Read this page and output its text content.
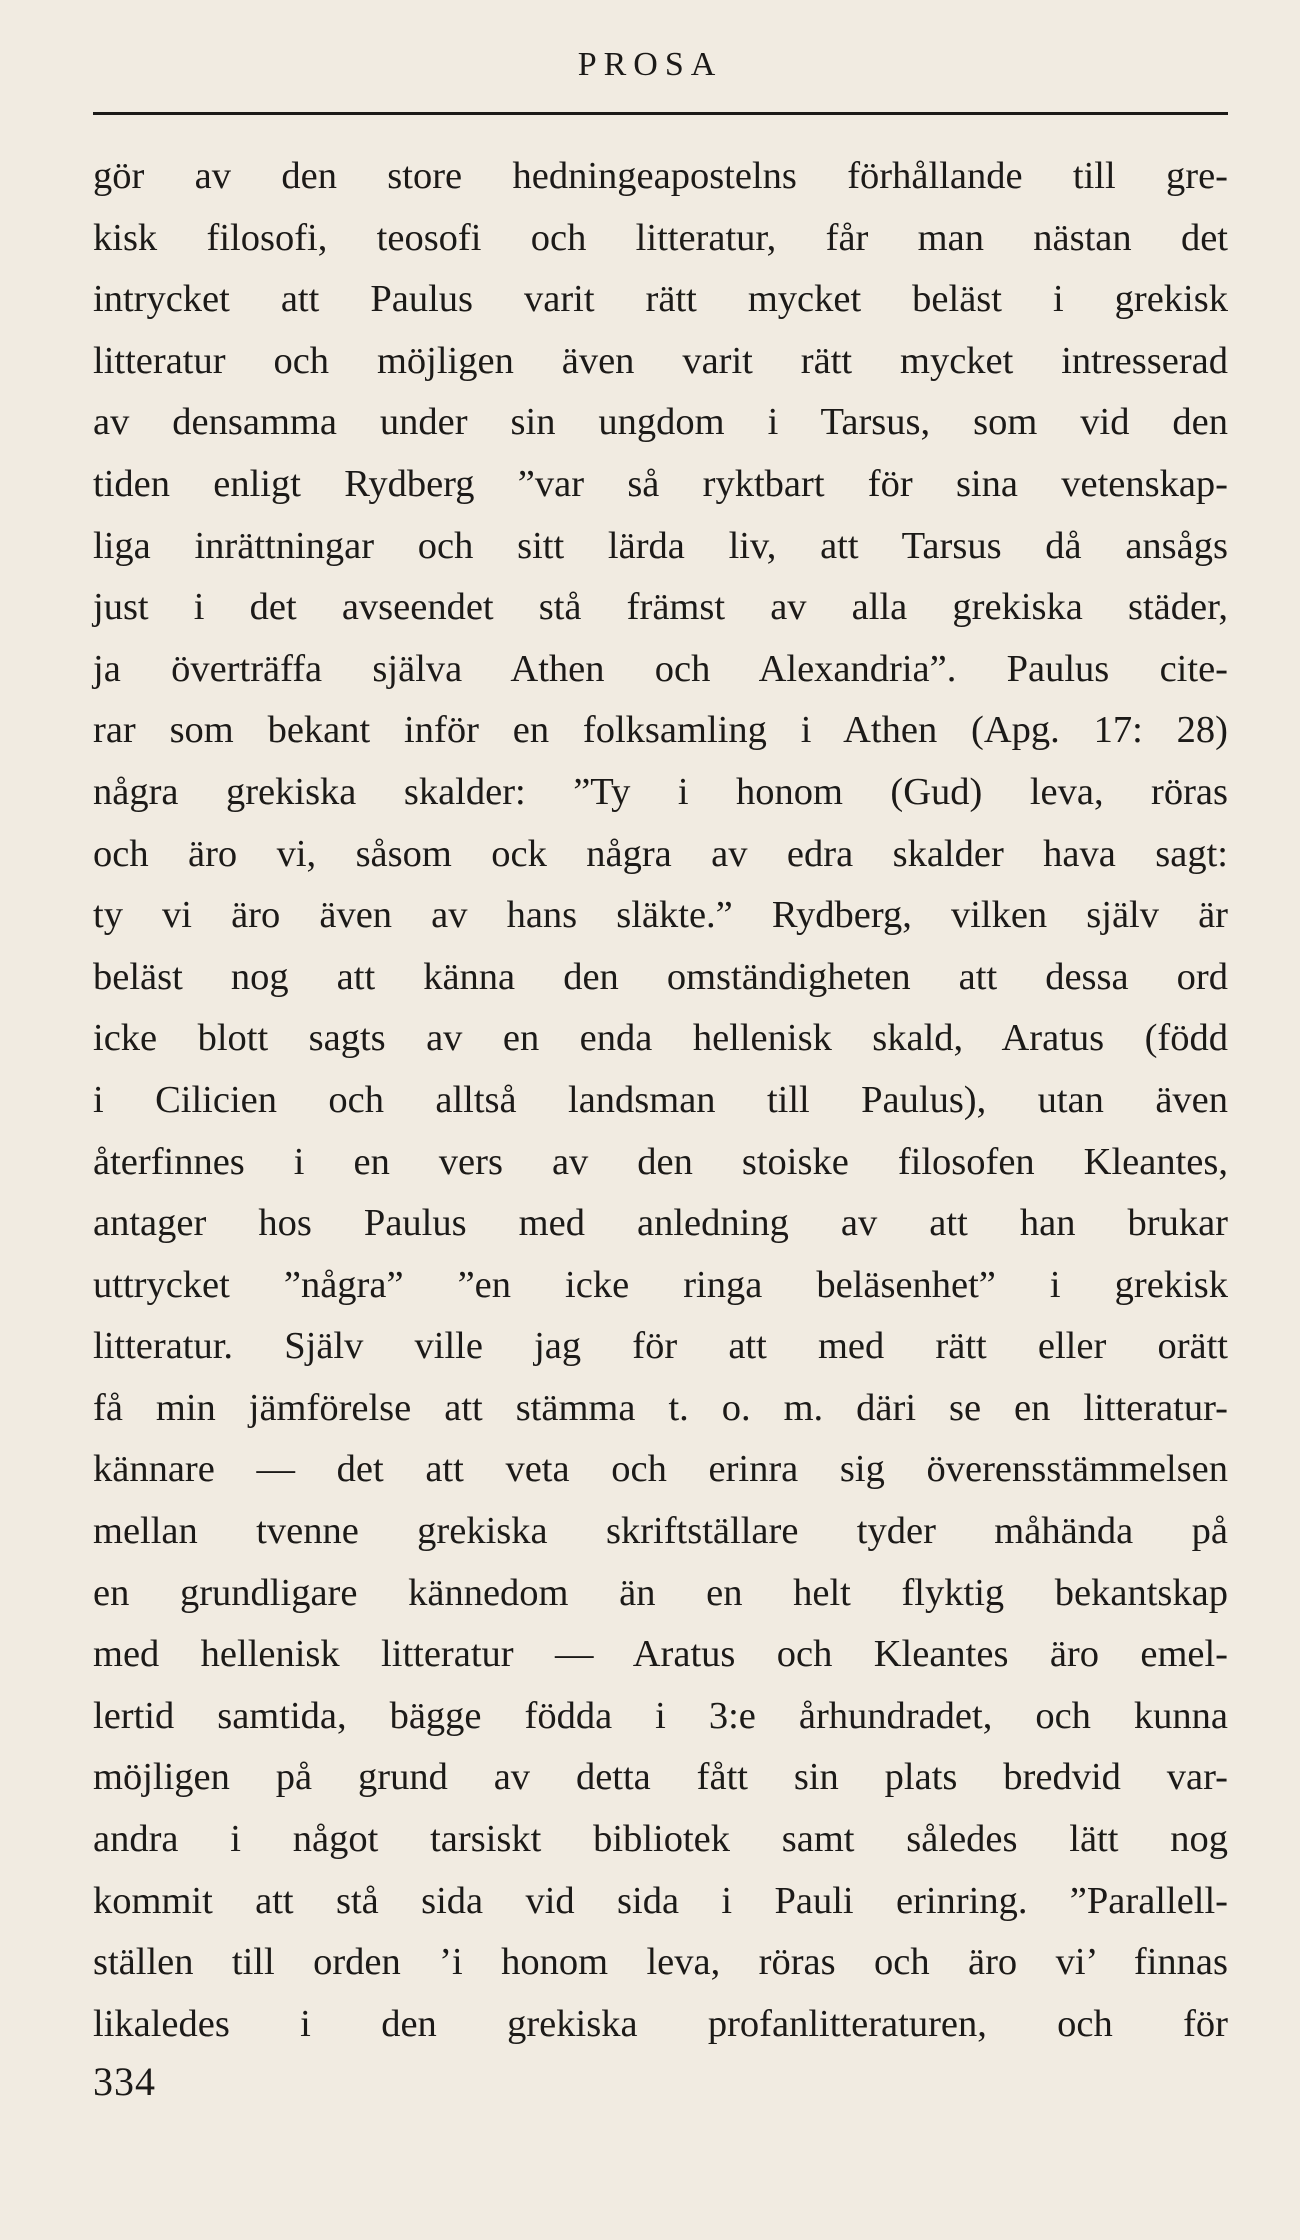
PROSA
gör av den store hedningeapostelns förhållande till gre-
kisk filosofi, teosofi och litteratur, får man nästan det
intrycket att Paulus varit rätt mycket beläst i grekisk
litteratur och möjligen även varit rätt mycket intresserad
av densamma under sin ungdom i Tarsus, som vid den
tiden enligt Rydberg ”var så ryktbart för sina vetenskap-
liga inrättningar och sitt lärda liv, att Tarsus då ansågs
just i det avseendet stå främst av alla grekiska städer,
ja överträffa själva Athen och Alexandria”. Paulus cite-
rar som bekant inför en folksamling i Athen (Apg. 17: 28)
några grekiska skalder: ”Ty i honom (Gud) leva, röras
och äro vi, såsom ock några av edra skalder hava sagt:
ty vi äro även av hans släkte.” Rydberg, vilken själv är
beläst nog att känna den omständigheten att dessa ord
icke blott sagts av en enda hellenisk skald, Aratus (född
i Cilicien och alltså landsman till Paulus), utan även
återfinnes i en vers av den stoiske filosofen Kleantes,
antager hos Paulus med anledning av att han brukar
uttrycket ”några” ”en icke ringa beläsenhet” i grekisk
litteratur. Själv ville jag för att med rätt eller orätt
få min jämförelse att stämma t. o. m. däri se en litteratur-
kännare — det att veta och erinra sig överensstämmelsen
mellan tvenne grekiska skriftställare tyder måhända på
en grundligare kännedom än en helt flyktig bekantskap
med hellenisk litteratur — Aratus och Kleantes äro emel-
lertid samtida, bägge födda i 3:e århundradet, och kunna
möjligen på grund av detta fått sin plats bredvid var-
andra i något tarsiskt bibliotek samt således lätt nog
kommit att stå sida vid sida i Pauli erinring. ”Parallell-
ställen till orden ’i honom leva, röras och äro vi’ finnas
likaledes i den grekiska profanlitteraturen, och för
334
